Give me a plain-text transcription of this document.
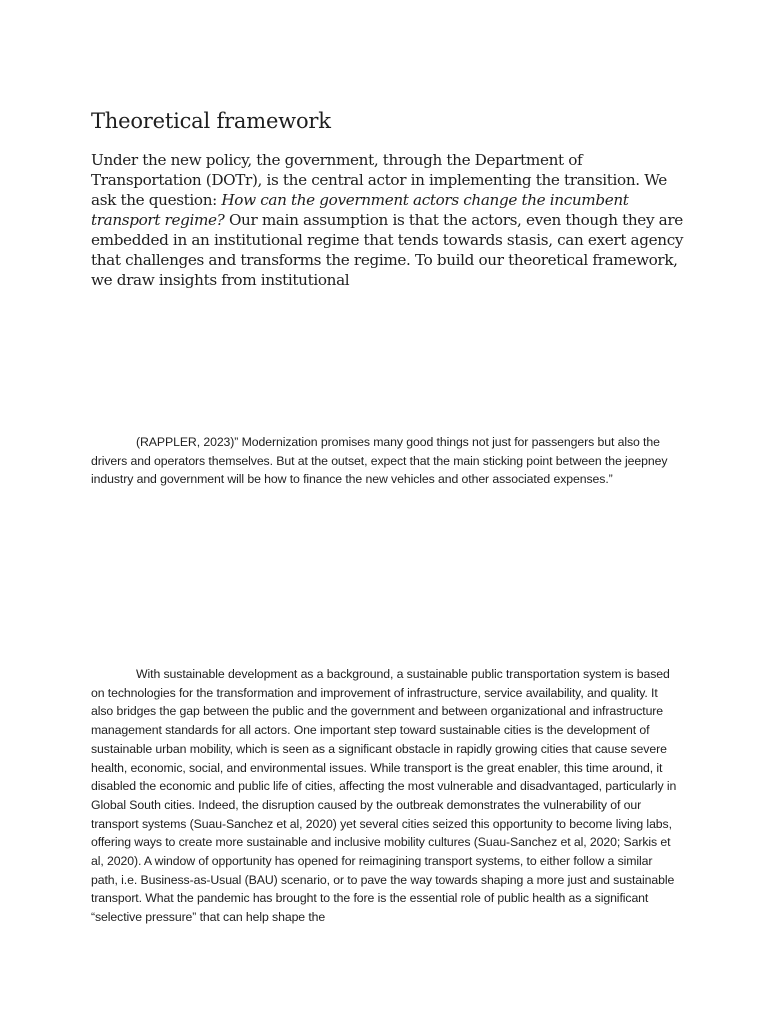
Theoretical framework

Under the new policy, the government, through the Department of Transportation (DOTr), is the central actor in implementing the transition. We ask the question: How can the government actors change the incumbent transport regime? Our main assumption is that the actors, even though they are embedded in an institutional regime that tends towards stasis, can exert agency that challenges and transforms the regime. To build our theoretical framework, we draw insights from institutional

(RAPPLER, 2023)” Modernization promises many good things not just for passengers but also the drivers and operators themselves. But at the outset, expect that the main sticking point between the jeepney industry and government will be how to finance the new vehicles and other associated expenses.”

With sustainable development as a background, a sustainable public transportation system is based on technologies for the transformation and improvement of infrastructure, service availability, and quality. It also bridges the gap between the public and the government and between organizational and infrastructure management standards for all actors. One important step toward sustainable cities is the development of sustainable urban mobility, which is seen as a significant obstacle in rapidly growing cities that cause severe health, economic, social, and environmental issues. While transport is the great enabler, this time around, it disabled the economic and public life of cities, affecting the most vulnerable and disadvantaged, particularly in Global South cities. Indeed, the disruption caused by the outbreak demonstrates the vulnerability of our transport systems (Suau-Sanchez et al, 2020) yet several cities seized this opportunity to become living labs, offering ways to create more sustainable and inclusive mobility cultures (Suau-Sanchez et al, 2020; Sarkis et al, 2020). A window of opportunity has opened for reimagining transport systems, to either follow a similar path, i.e. Business-as-Usual (BAU) scenario, or to pave the way towards shaping a more just and sustainable transport. What the pandemic has brought to the fore is the essential role of public health as a significant “selective pressure” that can help shape the
